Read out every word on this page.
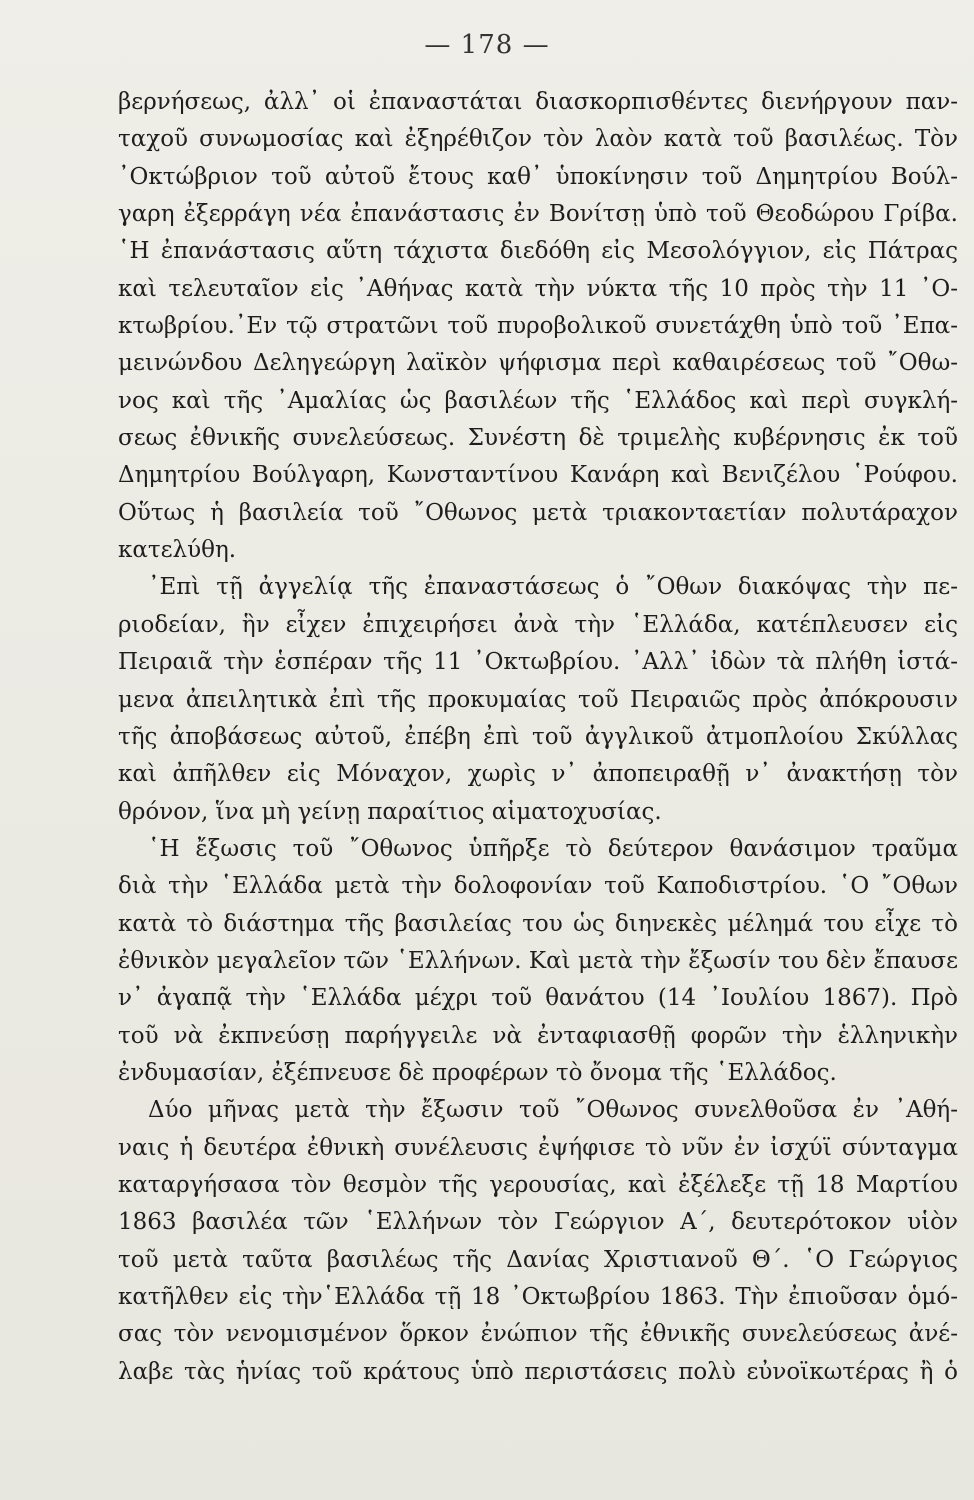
— 178 —
βερνήσεως, ἀλλ᾽ οἱ ἐπαναστάται διασκορπισθέντες διενήργουν παν-
ταχοῦ συνωμοσίας καὶ ἐξηρέθιζον τὸν λαὸν κατὰ τοῦ βασιλέως. Τὸν
᾽Οκτώβριον τοῦ αὐτοῦ ἔτους καθ᾽ ὑποκίνησιν τοῦ Δημητρίου Βούλ-
γαρη ἐξερράγη νέα ἐπανάστασις ἐν Βονίτσῃ ὑπὸ τοῦ Θεοδώρου Γρίβα.
῾Η ἐπανάστασις αὕτη τάχιστα διεδόθη εἰς Μεσολόγγιον, εἰς Πάτρας
καὶ τελευταῖον εἰς ᾽Αθήνας κατὰ τὴν νύκτα τῆς 10 πρὸς τὴν 11 ᾽Ο-
κτωβρίου.᾽Εν τῷ στρατῶνι τοῦ πυροβολικοῦ συνετάχθη ὑπὸ τοῦ ᾽Επα-
μεινώνδου Δεληγεώργη λαϊκὸν ψήφισμα περὶ καθαιρέσεως τοῦ ῎Οθω-
νος καὶ τῆς ᾽Αμαλίας ὡς βασιλέων τῆς ῾Ελλάδος καὶ περὶ συγκλή-
σεως ἐθνικῆς συνελεύσεως. Συνέστη δὲ τριμελὴς κυβέρνησις ἐκ τοῦ
Δημητρίου Βούλγαρη, Κωνσταντίνου Κανάρη καὶ Βενιζέλου ῾Ρούφου.
Οὕτως ἡ βασιλεία τοῦ ῎Οθωνος μετὰ τριακονταετίαν πολυτάραχον
κατελύθη.
᾽Επὶ τῇ ἀγγελίᾳ τῆς ἐπαναστάσεως ὁ ῎Οθων διακόψας τὴν πε-
ριοδείαν, ἣν εἶχεν ἐπιχειρήσει ἀνὰ τὴν ῾Ελλάδα, κατέπλευσεν εἰς
Πειραιᾶ τὴν ἑσπέραν τῆς 11 ᾽Οκτωβρίου. ᾽Αλλ᾽ ἰδὼν τὰ πλήθη ἱστά-
μενα ἀπειλητικὰ ἐπὶ τῆς προκυμαίας τοῦ Πειραιῶς πρὸς ἀπόκρουσιν
τῆς ἀποβάσεως αὐτοῦ, ἐπέβη ἐπὶ τοῦ ἀγγλικοῦ ἀτμοπλοίου Σκύλλας
καὶ ἀπῆλθεν εἰς Μόναχον, χωρὶς ν᾽ ἀποπειραθῇ ν᾽ ἀνακτήσῃ τὸν
θρόνον, ἵνα μὴ γείνῃ παραίτιος αἱματοχυσίας.
῾Η ἔξωσις τοῦ ῎Οθωνος ὑπῆρξε τὸ δεύτερον θανάσιμον τραῦμα
διὰ τὴν ῾Ελλάδα μετὰ τὴν δολοφονίαν τοῦ Καποδιστρίου. ῾Ο ῎Οθων
κατὰ τὸ διάστημα τῆς βασιλείας του ὡς διηνεκὲς μέλημά του εἶχε τὸ
ἐθνικὸν μεγαλεῖον τῶν ῾Ελλήνων. Καὶ μετὰ τὴν ἔξωσίν του δὲν ἔπαυσε
ν᾽ ἀγαπᾷ τὴν ῾Ελλάδα μέχρι τοῦ θανάτου (14 ᾽Ιουλίου 1867). Πρὸ
τοῦ νὰ ἐκπνεύσῃ παρήγγειλε νὰ ἐνταφιασθῇ φορῶν τὴν ἑλληνικὴν
ἐνδυμασίαν, ἐξέπνευσε δὲ προφέρων τὸ ὄνομα τῆς ῾Ελλάδος.
Δύο μῆνας μετὰ τὴν ἔξωσιν τοῦ ῎Οθωνος συνελθοῦσα ἐν ᾽Αθή-
ναις ἡ δευτέρα ἐθνικὴ συνέλευσις ἐψήφισε τὸ νῦν ἐν ἰσχύϊ σύνταγμα
καταργήσασα τὸν θεσμὸν τῆς γερουσίας, καὶ ἐξέλεξε τῇ 18 Μαρτίου
1863 βασιλέα τῶν ῾Ελλήνων τὸν Γεώργιον Α΄, δευτερότοκον υἱὸν
τοῦ μετὰ ταῦτα βασιλέως τῆς Δανίας Χριστιανοῦ Θ΄. ῾Ο Γεώργιος
κατῆλθεν εἰς τὴν῾Ελλάδα τῇ 18 ᾽Οκτωβρίου 1863. Τὴν ἐπιοῦσαν ὁμό-
σας τὸν νενομισμένον ὅρκον ἐνώπιον τῆς ἐθνικῆς συνελεύσεως ἀνέ-
λαβε τὰς ἡνίας τοῦ κράτους ὑπὸ περιστάσεις πολὺ εὐνοϊκωτέρας ἢ ὁ
